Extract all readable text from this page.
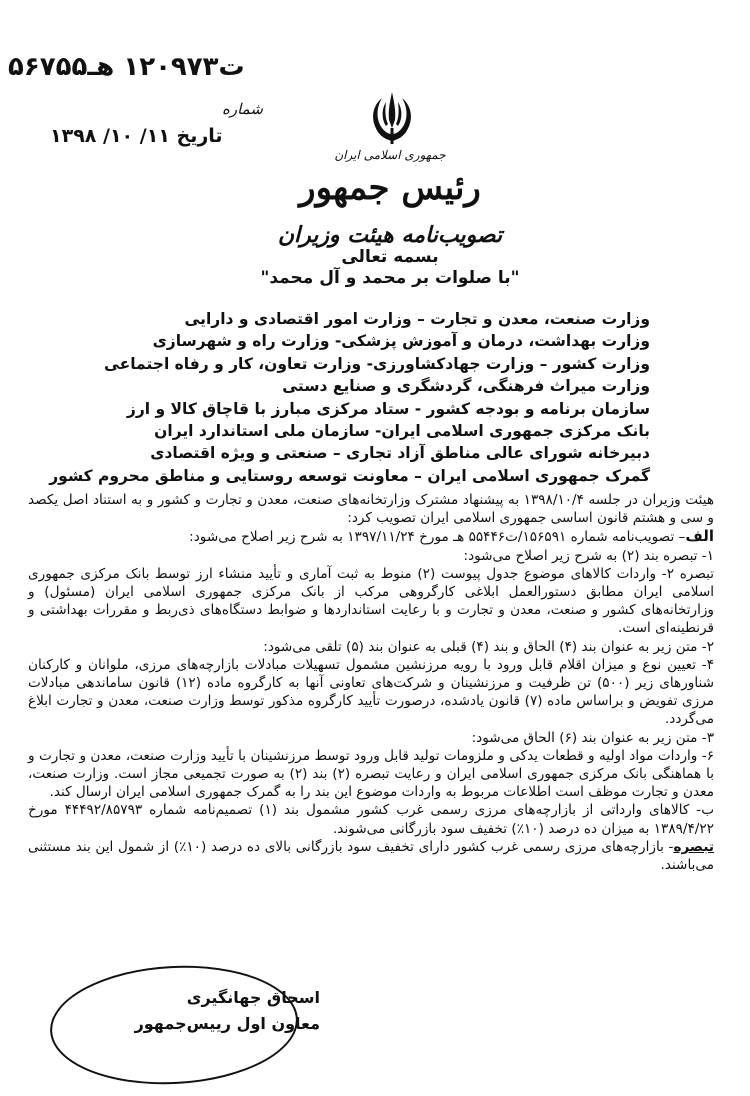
۵۶۷۵۵ت۱۲۰۹۷۳ هـ
شماره
تاریخ ۱۱/ ۱۰/ ۱۳۹۸
جمهوری اسلامی ایران
رئیس جمهور
تصویب‌نامه هیئت وزیران
بسمه تعالی
"با صلوات بر محمد و آل محمد"
وزارت صنعت، معدن و تجارت – وزارت امور اقتصادی و دارایی
وزارت بهداشت، درمان و آموزش پزشکی- وزارت راه و شهرسازی
وزارت کشور – وزارت جهادکشاورزی- وزارت تعاون، کار و رفاه اجتماعی
وزارت میراث فرهنگی، گردشگری و صنایع دستی
سازمان برنامه و بودجه کشور - ستاد مرکزی مبارز با قاچاق کالا و ارز
بانک مرکزی جمهوری اسلامی ایران- سازمان ملی استاندارد ایران
دبیرخانه شورای عالی مناطق آزاد تجاری – صنعتی و ویژه اقتصادی
گمرک جمهوری اسلامی ایران – معاونت توسعه روستایی و مناطق محروم کشور

هیئت وزیران در جلسه ۱۳۹۸/۱۰/۴ به پیشنهاد مشترک وزارتخانه‌های صنعت، معدن و تجارت و کشور و به استناد اصل یکصد و سی و هشتم قانون اساسی جمهوری اسلامی ایران تصویب کرد:

الف– تصویب‌نامه شماره ۱۵۶۵۹۱/ت۵۵۴۴۶ هـ مورخ ۱۳۹۷/۱۱/۲۴ به شرح زیر اصلاح می‌شود:

۱- تبصره بند (۲) به شرح زیر اصلاح می‌شود:

تبصره ۲- واردات کالاهای موضوع جدول پیوست (۲) منوط به ثبت آماری و تأیید منشاء ارز توسط بانک مرکزی جمهوری اسلامی ایران مطابق دستورالعمل ابلاغی کارگروهی مرکب از بانک مرکزی جمهوری اسلامی ایران (مسئول) و وزارتخانه‌های کشور و صنعت، معدن و تجارت و با رعایت استانداردها و ضوابط دستگاه‌های ذی‌ربط و مقررات بهداشتی و قرنطینه‌ای است.

۲- متن زیر به عنوان بند (۴) الحاق و بند (۴) قبلی به عنوان بند (۵) تلقی می‌شود:

۴- تعیین نوع و میزان اقلام قابل ورود با رویه مرزنشین مشمول تسهیلات مبادلات بازارچه‌های مرزی، ملوانان و کارکنان شناورهای زیر (۵۰۰) تن ظرفیت و مرزنشینان و شرکت‌های تعاونی آنها به کارگروه ماده (۱۲) قانون ساماندهی مبادلات مرزی تفویض و براساس ماده (۷) قانون یادشده، درصورت تأیید کارگروه مذکور توسط وزارت صنعت، معدن و تجارت ابلاغ می‌گردد.

۳- متن زیر به عنوان بند (۶) الحاق می‌شود:

۶- واردات مواد اولیه و قطعات یدکی و ملزومات تولید قابل ورود توسط مرزنشینان با تأیید وزارت صنعت، معدن و تجارت و با هماهنگی بانک مرکزی جمهوری اسلامی ایران و رعایت تبصره (۲) بند (۲) به صورت تجمیعی مجاز است. وزارت صنعت، معدن و تجارت موظف است اطلاعات مربوط به واردات موضوع این بند را به گمرک جمهوری اسلامی ایران ارسال کند.

ب- کالاهای وارداتی از بازارچه‌های مرزی رسمی غرب کشور مشمول بند (۱) تصمیم‌نامه شماره ۴۴۴۹۲/۸۵۷۹۳ مورخ ۱۳۸۹/۴/۲۲ به میزان ده درصد (۱۰٪) تخفیف سود بازرگانی می‌شوند.

تبصره- بازارچه‌های مرزی رسمی غرب کشور دارای تخفیف سود بازرگانی بالای ده درصد (۱۰٪) از شمول این بند مستثنی می‌باشند.

اسحاق جهانگیری
معاون اول رییس‌جمهور
